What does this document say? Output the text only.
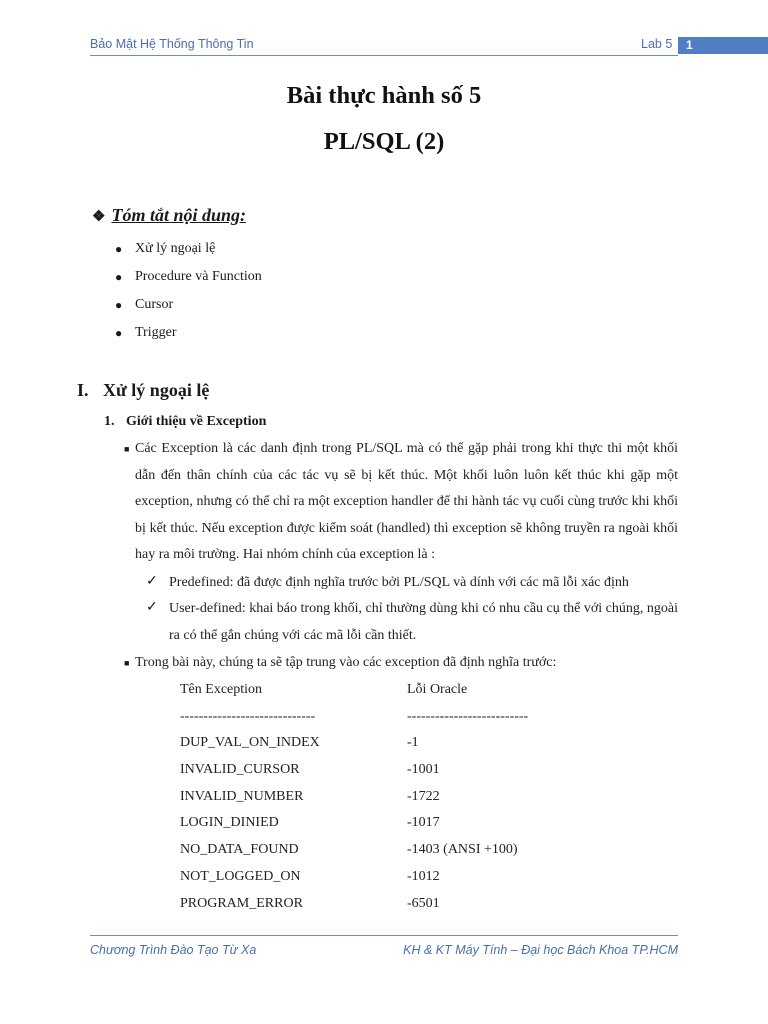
Bảo Mật Hệ Thống Thông Tin	Lab 5 1
Bài thực hành số 5
PL/SQL (2)
❖ Tóm tắt nội dung:
● Xử lý ngoại lệ
● Procedure và Function
● Cursor
● Trigger
I. Xử lý ngoại lệ
1. Giới thiệu về Exception
■ Các Exception là các danh định trong PL/SQL mà có thể gặp phải trong khi thực thi một khối dẫn đến thân chính của các tác vụ sẽ bị kết thúc. Một khối luôn luôn kết thúc khi gặp một exception, nhưng có thể chỉ ra một exception handler để thi hành tác vụ cuối cùng trước khi khối bị kết thúc. Nếu exception được kiểm soát (handled) thì exception sẽ không truyền ra ngoài khối hay ra môi trường. Hai nhóm chính của exception là :
✓ Predefined: đã được định nghĩa trước bởi PL/SQL và dính với các mã lỗi xác định
✓ User-defined: khai báo trong khối, chỉ thường dùng khi có nhu cầu cụ thể với chúng, ngoài ra có thể gắn chúng với các mã lỗi cần thiết.
■ Trong bài này, chúng ta sẽ tập trung vào các exception đã định nghĩa trước:
Tên Exception
-----------------------------
DUP_VAL_ON_INDEX
INVALID_CURSOR
INVALID_NUMBER
LOGIN_DINIED
NO_DATA_FOUND
NOT_LOGGED_ON
PROGRAM_ERROR
Lỗi Oracle
--------------------------
-1
-1001
-1722
-1017
-1403 (ANSI +100)
-1012
-6501
Chương Trình Đào Tạo Từ Xa	KH & KT Máy Tính – Đại học Bách Khoa TP.HCM
